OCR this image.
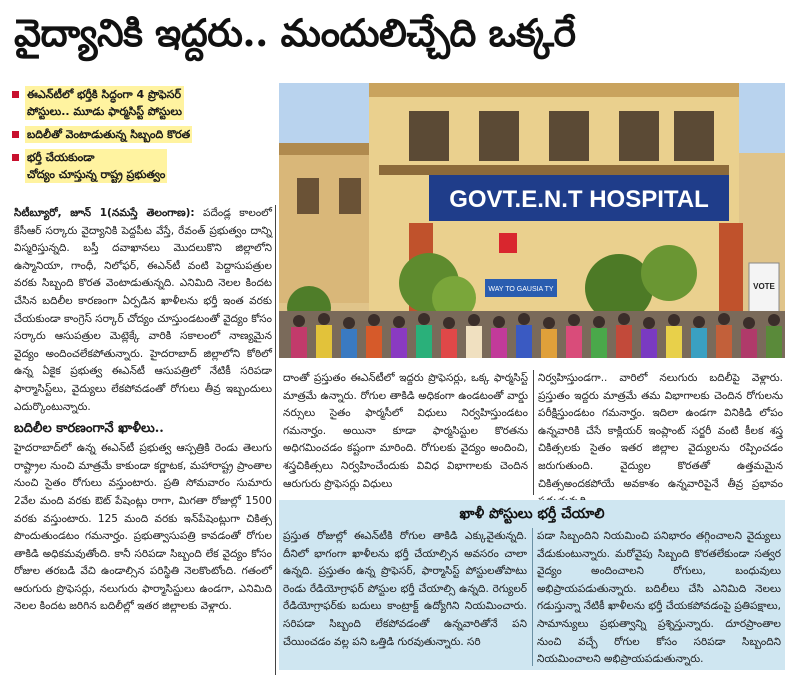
వైద్యానికి ఇద్దరు.. మందులిచ్చేది ఒక్కరే
ఈఎన్‌టీలో భర్తీకి సిద్ధంగా 4 ప్రొఫెసర్‌
పోస్టులు.. మూడు ఫార్మసిస్ట్‌ పోస్టులు
బదిలీతో వెంటాడుతున్న సిబ్బంది కొరత
భర్తీ చేయకుండా
చోద్యం చూస్తున్న రాష్ట్ర ప్రభుత్వం
GOVT.E.N.T HOSPITAL
WAY TO GAUSIA TY	VOTE

సిటీబ్యూరో, జూన్‌ 1(నమస్తే తెలంగాణ): పదేండ్ల కాలంలో కేసీఆర్‌ సర్కారు వైద్యానికి పెద్దపీట వేస్తే, రేవంత్‌ ప్రభుత్వం దాన్ని విస్మరిస్తున్నది. బస్తీ దవాఖానలు మొదలుకొని జిల్లాలోని ఉస్మానియా, గాంధీ, నిలోఫర్‌, ఈఎన్‌టీ వంటి పెద్దాసుపత్రుల వరకు సిబ్బంది కొరత వెంటాడుతున్నది. ఎనిమిది నెలల కిందట చేసిన బదిలీల కారణంగా ఏర్పడిన ఖాళీలను భర్తీ ఇంత వరకు చేయకుండా కాంగ్రెస్‌ సర్కార్‌ చోద్యం చూస్తుండటంతో వైద్యం కోసం సర్కారు ఆసుపత్రుల మెట్లెక్కే వారికి సకాలంలో నాణ్యమైన వైద్యం అందించలేకపోతున్నారు. హైదరాబాద్‌ జిల్లాలోని కోఠిలో ఉన్న ఏకైక ప్రభుత్వ ఈఎన్‌టీ ఆసుపత్రిలో నేటికీ సరిపడా ఫార్మాసిస్ట్‌లు, వైద్యులు లేకపోవడంతో రోగులు తీవ్ర ఇబ్బందులు ఎదుర్కొంటున్నారు.

బదిలీల కారణంగానే ఖాళీలు..

హైదరాబాద్‌లో ఉన్న ఈఎన్‌టీ ప్రభుత్వ ఆస్పత్రికి రెండు తెలుగు రాష్ట్రాల నుంచి మాత్రమే కాకుండా కర్ణాటక, మహారాష్ట్ర ప్రాంతాల నుంచి సైతం రోగులు వస్తుంటారు. ప్రతి సోమవారం సుమారు 2వేల మంది వరకు ఔట్‌ పేషెంట్లు రాగా, మిగతా రోజుల్లో 1500 వరకు వస్తుంటారు. 125 మంది వరకు ఇన్‌పేషెంట్లుగా చికిత్స పొందుతుండటం గమనార్హం. ప్రభుత్వాసుపత్రి కావడంతో రోగుల తాకిడి అధికమవుతోంది. కానీ సరిపడా సిబ్బంది లేక వైద్యం కోసం రోజుల తరబడి వేచి ఉండాల్సిన పరిస్థితి నెలకొంటోంది. గతంలో ఆరుగురు ప్రొఫెసర్లు, నలుగురు ఫార్మాసిస్టులు ఉండగా, ఎనిమిది నెలల కిందట జరిగిన బదిలీల్లో ఇతర జిల్లాలకు వెళ్లారు.

దాంతో ప్రస్తుతం ఈఎన్‌టీలో ఇద్దరు ప్రొఫెసర్లు, ఒక్క ఫార్మసిస్ట్‌ మాత్రమే ఉన్నారు. రోగుల తాకిడి అధికంగా ఉండటంతో వార్డు నర్సులు సైతం ఫార్మసీలో విధులు నిర్వహిస్తుండటం గమనార్హం. అయినా కూడా ఫార్మసిస్టుల కొరతను అధిగమించడం కష్టంగా మారింది. రోగులకు వైద్యం అందించి, శస్త్రచికిత్సలు నిర్వహించేందుకు వివిధ విభాగాలకు చెందిన ఆరుగురు ప్రొఫెసర్లు విధులు

నిర్వహిస్తుండగా.. వారిలో నలుగురు బదిలీపై వెళ్లారు. ప్రస్తుతం ఇద్దరు మాత్రమే తమ విభాగాలకు చెందిన రోగులను పరీక్షిస్తుండటం గమనార్హం. ఇదిలా ఉండగా వినికిడి లోపం ఉన్నవారికి చేసే కాక్లియర్‌ ఇంప్లాంట్‌ సర్జరీ వంటి కీలక శస్త్ర చికిత్సలకు సైతం ఇతర జిల్లాల వైద్యులను రప్పించడం జరుగుతుంది. వైద్యుల కొరతతో ఉత్తమమైన చికిత్సఅందకపోయే అవకాశం ఉన్నవారిపైనే తీవ్ర ప్రభావం

ఖాళీ పోస్టులు భర్తీ చేయాలి

ప్రస్తుత రోజుల్లో ఈఎన్‌టీకి రోగుల తాకిడి ఎక్కువైతున్నది. దీనిలో భాగంగా ఖాళీలను భర్తీ చేయాల్సిన అవసరం చాలా ఉన్నది. ప్రస్తుతం ఉన్న ప్రొఫెసర్‌, ఫార్మాసిస్ట్‌ పోస్టులతోపాటు రెండు రేడియోగ్రాఫర్‌ పోస్టుల భర్తీ చేయాల్సి ఉన్నది. రెగ్యులర్‌ రేడియోగ్రాఫర్‌కు బదులు కాంట్రాక్ట్‌ ఉద్యోగిని నియమించారు. సరిపడా సిబ్బంది లేకపోవడంతో ఉన్నవారితోనే పని చేయించడం వల్ల పని ఒత్తిడి గురవుతున్నారు. సరి

పడా సిబ్బందిని నియమించి పనిభారం తగ్గించాలని వైద్యులు వేడుకుంటున్నారు. మరోవైపు సిబ్బంది కొరతలేకుండా సత్వర వైద్యం అందించాలని రోగులు, బంధువులు అభిప్రాయపడుతున్నారు. బదిలీలు చేసి ఎనిమిది నెలలు గడుస్తున్నా నేటికీ ఖాళీలను భర్తీ చేయకపోవడంపై ప్రతిపక్షాలు, సామాన్యులు ప్రభుత్వాన్ని ప్రశ్నిస్తున్నారు. దూరప్రాంతాల నుంచి వచ్చే రోగుల కోసం సరిపడా సిబ్బందిని నియమించాలని అభిప్రాయపడుతున్నారు.
